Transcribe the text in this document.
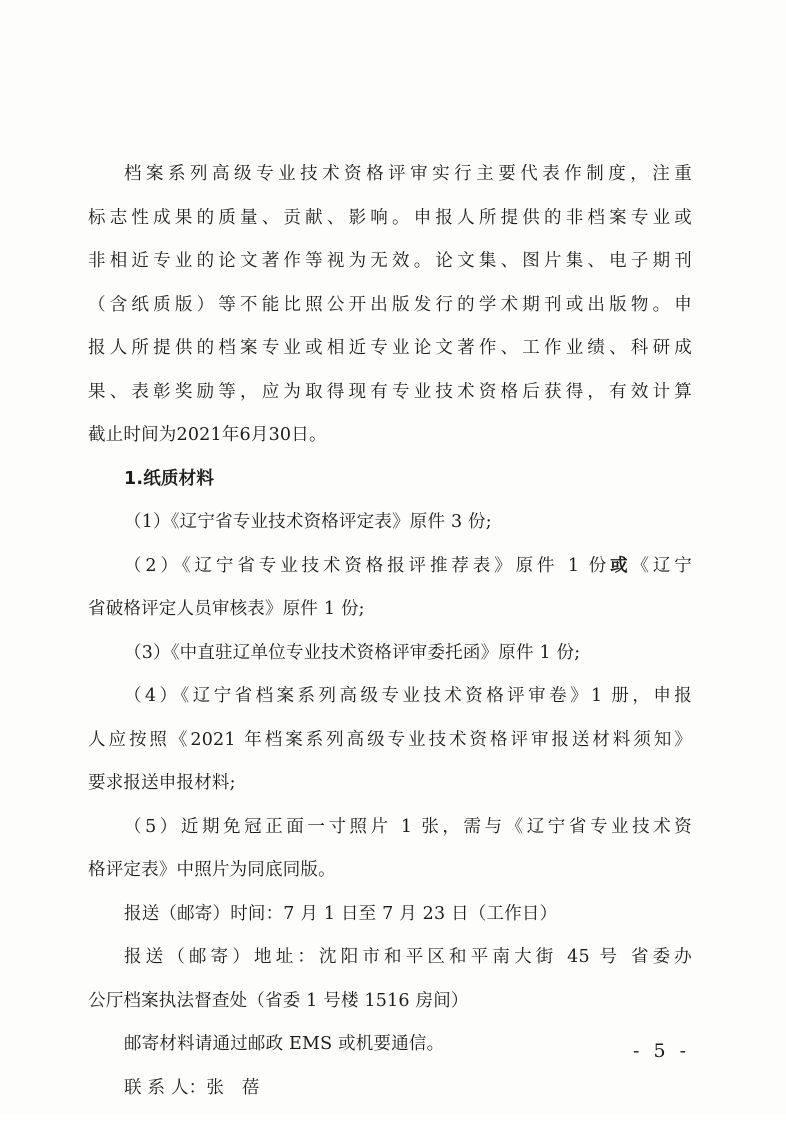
档案系列高级专业技术资格评审实行主要代表作制度，注重
标志性成果的质量、贡献、影响。申报人所提供的非档案专业或
非相近专业的论文著作等视为无效。论文集、图片集、电子期刊
（含纸质版）等不能比照公开出版发行的学术期刊或出版物。申
报人所提供的档案专业或相近专业论文著作、工作业绩、科研成
果、表彰奖励等，应为取得现有专业技术资格后获得，有效计算
截止时间为2021年6月30日。
1.纸质材料
（1）《辽宁省专业技术资格评定表》原件 3 份;
（2）《辽宁省专业技术资格报评推荐表》原件 1 份或《辽宁
省破格评定人员审核表》原件 1 份;
（3）《中直驻辽单位专业技术资格评审委托函》原件 1 份;
（4）《辽宁省档案系列高级专业技术资格评审卷》1 册，申报
人应按照《2021 年档案系列高级专业技术资格评审报送材料须知》
要求报送申报材料;
（5）近期免冠正面一寸照片 1 张，需与《辽宁省专业技术资
格评定表》中照片为同底同版。
报送（邮寄）时间：7 月 1 日至 7 月 23 日（工作日）
报送（邮寄）地址：沈阳市和平区和平南大街 45 号 省委办
公厅档案执法督查处（省委 1 号楼 1516 房间）
邮寄材料请通过邮政 EMS 或机要通信。
联 系 人：张　蓓
- 5 -
